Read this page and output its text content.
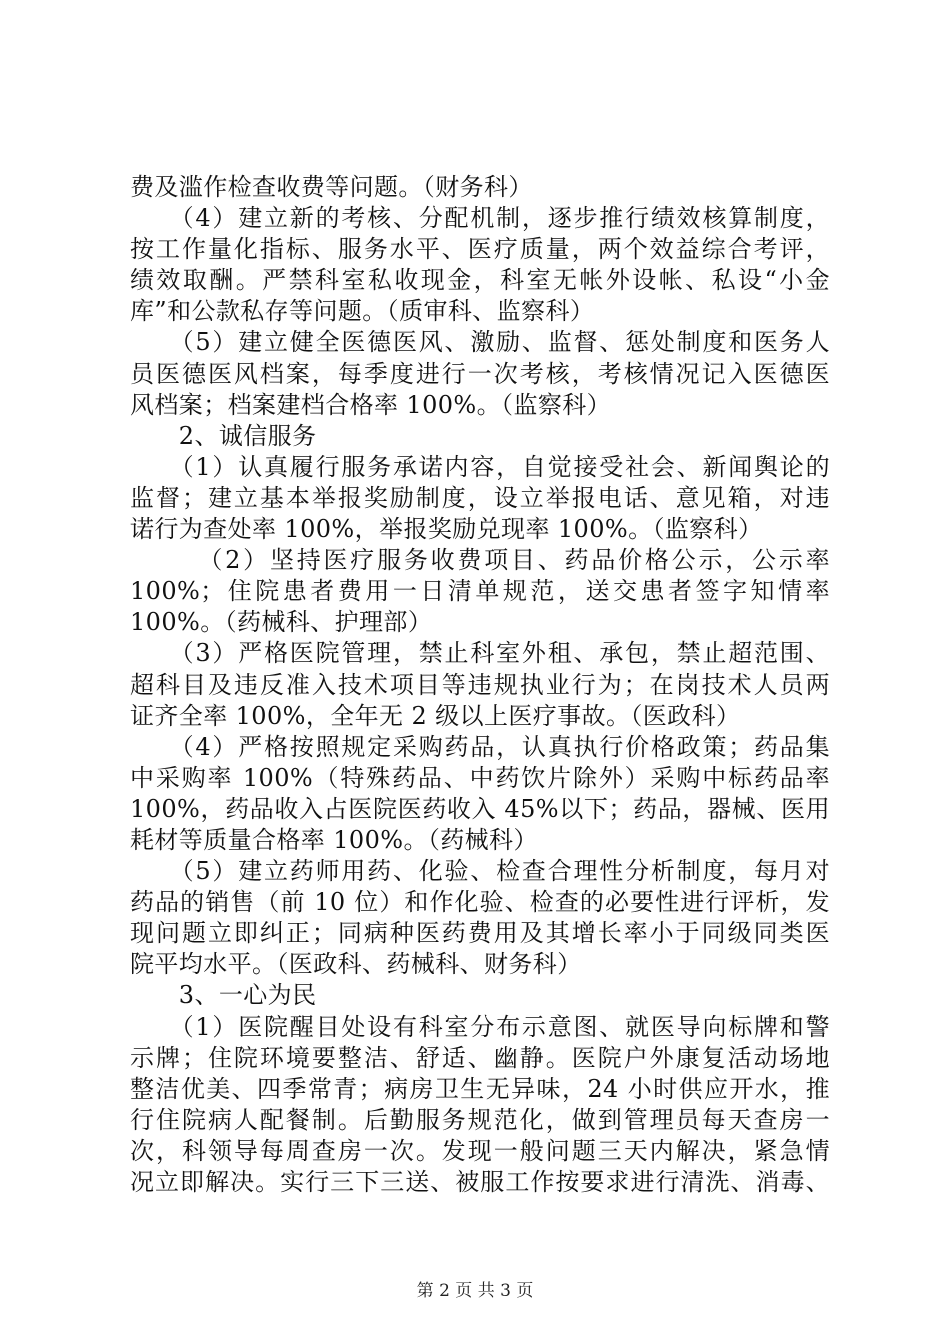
费及滥作检查收费等问题。（财务科）
　　（4）建立新的考核、分配机制，逐步推行绩效核算制度，
按工作量化指标、服务水平、医疗质量，两个效益综合考评，
绩效取酬。严禁科室私收现金，科室无帐外设帐、私设“小金
库”和公款私存等问题。（质审科、监察科）
　　（5）建立健全医德医风、激励、监督、惩处制度和医务人
员医德医风档案，每季度进行一次考核，考核情况记入医德医
风档案；档案建档合格率 100%。（监察科）
　　2、诚信服务
　　（1）认真履行服务承诺内容，自觉接受社会、新闻舆论的
监督；建立基本举报奖励制度，设立举报电话、意见箱，对违
诺行为查处率 100%，举报奖励兑现率 100%。（监察科）
　　 （2）坚持医疗服务收费项目、药品价格公示，公示率
100%；住院患者费用一日清单规范，送交患者签字知情率
100%。（药械科、护理部）
　　（3）严格医院管理，禁止科室外租、承包，禁止超范围、
超科目及违反准入技术项目等违规执业行为；在岗技术人员两
证齐全率 100%，全年无 2 级以上医疗事故。（医政科）
　　（4）严格按照规定采购药品，认真执行价格政策；药品集
中采购率 100%（特殊药品、中药饮片除外）采购中标药品率
100%，药品收入占医院医药收入 45%以下；药品，器械、医用
耗材等质量合格率 100%。（药械科）
　　（5）建立药师用药、化验、检查合理性分析制度，每月对
药品的销售（前 10 位）和作化验、检查的必要性进行评析，发
现问题立即纠正；同病种医药费用及其增长率小于同级同类医
院平均水平。（医政科、药械科、财务科）
　　3、一心为民
　　（1）医院醒目处设有科室分布示意图、就医导向标牌和警
示牌；住院环境要整洁、舒适、幽静。医院户外康复活动场地
整洁优美、四季常青；病房卫生无异味，24 小时供应开水，推
行住院病人配餐制。后勤服务规范化，做到管理员每天查房一
次，科领导每周查房一次。发现一般问题三天内解决，紧急情
况立即解决。实行三下三送、被服工作按要求进行清洗、消毒、
第 2 页 共 3 页
